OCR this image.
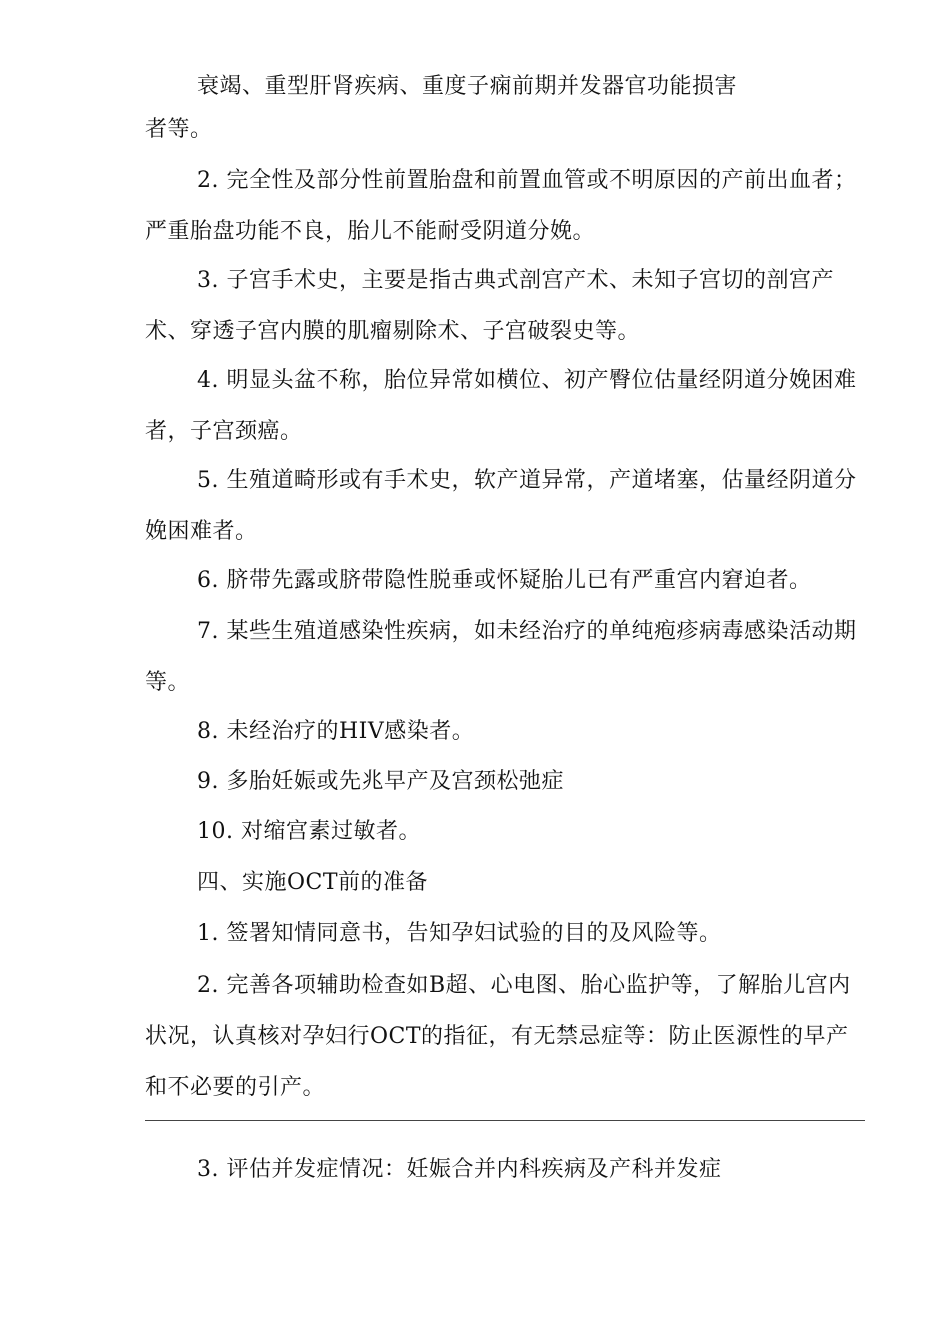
衰竭、重型肝肾疾病、重度子痫前期并发器官功能损害

者等。

2. 完全性及部分性前置胎盘和前置血管或不明原因的产前出血者；严重胎盘功能不良，胎儿不能耐受阴道分娩。

3. 子宫手术史，主要是指古典式剖宫产术、未知子宫切的剖宫产术、穿透子宫内膜的肌瘤剔除术、子宫破裂史等。

4. 明显头盆不称，胎位异常如横位、初产臀位估量经阴道分娩困难者，子宫颈癌。

5. 生殖道畸形或有手术史，软产道异常，产道堵塞，估量经阴道分娩困难者。

6. 脐带先露或脐带隐性脱垂或怀疑胎儿已有严重宫内窘迫者。

7. 某些生殖道感染性疾病，如未经治疗的单纯疱疹病毒感染活动期等。

8. 未经治疗的HIV感染者。

9. 多胎妊娠或先兆早产及宫颈松弛症

10. 对缩宫素过敏者。

四、实施OCT前的准备

1. 签署知情同意书，告知孕妇试验的目的及风险等。

2. 完善各项辅助检查如B超、心电图、胎心监护等，了解胎儿宫内状况，认真核对孕妇行OCT的指征，有无禁忌症等：防止医源性的早产和不必要的引产。

3. 评估并发症情况：妊娠合并内科疾病及产科并发症
